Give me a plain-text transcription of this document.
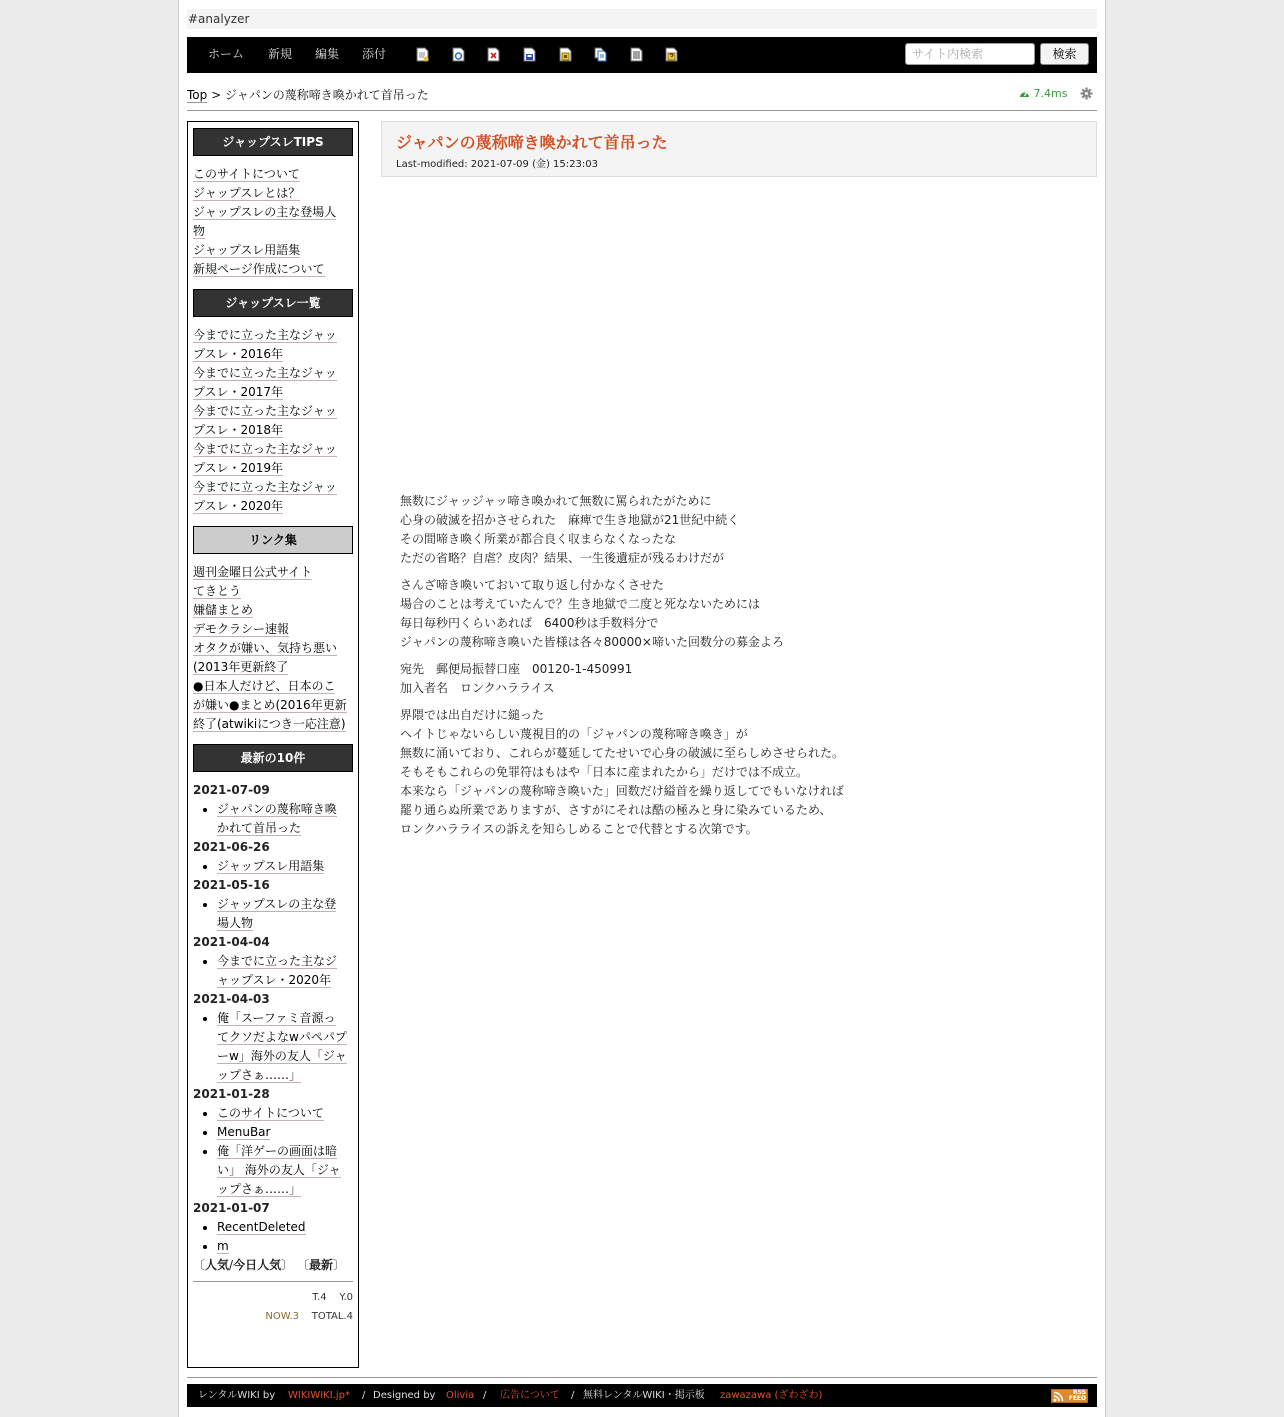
#analyzer
ホーム 新規 編集 添付
サイト内検索	検索
Top > ジャパンの蔑称啼き喚かれて首吊った	7.4ms
ジャップスレTIPS
このサイトについて
ジャップスレとは？
ジャップスレの主な登場人
物
ジャップスレ用語集
新規ページ作成について
ジャップスレ一覧
今までに立った主なジャッ
プスレ・2016年
今までに立った主なジャッ
プスレ・2017年
今までに立った主なジャッ
プスレ・2018年
今までに立った主なジャッ
プスレ・2019年
今までに立った主なジャッ
プスレ・2020年
リンク集
週刊金曜日公式サイト
てきとう
嫌儲まとめ
デモクラシー速報
オタクが嫌い、気持ち悪い
(2013年更新終了
●日本人だけど、日本のこ
が嫌い●まとめ(2016年更新
終了(atwikiにつき一応注意)
最新の10件
2021-07-09
• ジャパンの蔑称啼き喚
かれて首吊った
2021-06-26
• ジャップスレ用語集
2021-05-16
• ジャップスレの主な登
場人物
2021-04-04
• 今までに立った主なジ
ャップスレ・2020年
2021-04-03
• 俺「スーファミ音源っ
てクソだよなwパペパプ
ーw」海外の友人「ジャ
ップさぁ……」
2021-01-28
• このサイトについて
• MenuBar
• 俺「洋ゲーの画面は暗
い」 海外の友人「ジャ
ップさぁ……」
2021-01-07
• RecentDeleted
• m
〔人気/今日人気〕 〔最新〕
T.4 Y.0
NOW.3 TOTAL.4
ジャパンの蔑称啼き喚かれて首吊った
Last-modified: 2021-07-09 (金) 15:23:03
無数にジャッジャッ啼き喚かれて無数に罵られたがために
心身の破滅を招かさせられた　麻痺で生き地獄が21世紀中続く
その間啼き喚く所業が都合良く収まらなくなったな
ただの省略？自虐？皮肉？結果、一生後遺症が残るわけだが
さんざ啼き喚いておいて取り返し付かなくさせた
場合のことは考えていたんで？生き地獄で二度と死なないためには
毎日毎秒円くらいあれば　6400秒は手数料分で
ジャパンの蔑称啼き喚いた皆様は各々80000×啼いた回数分の募金よろ
宛先　郵便局振替口座　00120-1-450991
加入者名　ロンクハラライス
界隈では出自だけに縋った
ヘイトじゃないらしい蔑視目的の「ジャパンの蔑称啼き喚き」が
無数に涌いており、これらが蔓延してたせいで心身の破滅に至らしめさせられた。
そもそもこれらの免罪符はもはや「日本に産まれたから」だけでは不成立。
本来なら「ジャパンの蔑称啼き喚いた」回数だけ縊首を繰り返してでもいなければ
罷り通らぬ所業でありますが、さすがにそれは酷の極みと身に染みているため、
ロンクハラライスの訴えを知らしめることで代替とする次第です。
レンタルWIKI by WIKIWIKI.jp* / Designed by Olivia / 広告について / 無料レンタルWIKI・掲示板 zawazawa (ざわざわ)	RSS
FEED
